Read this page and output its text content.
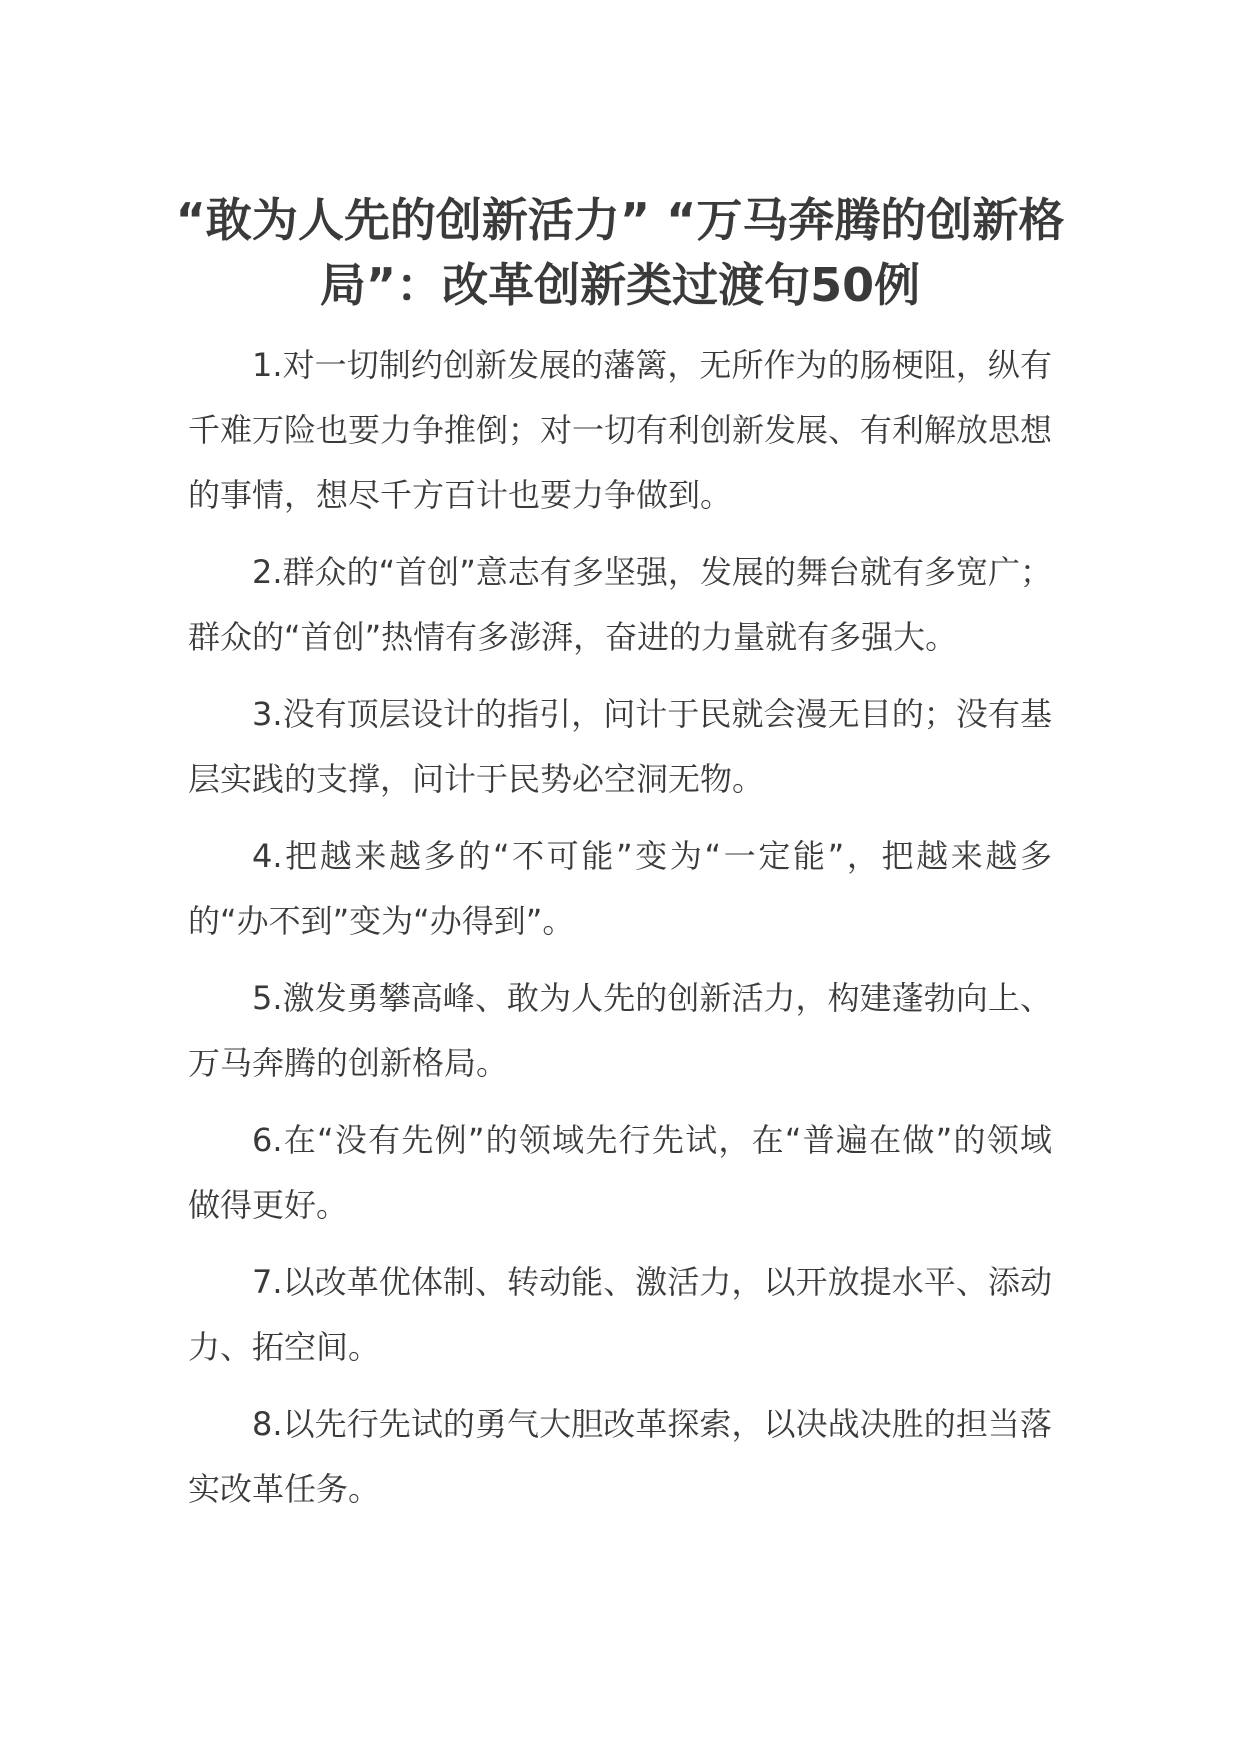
“敢为人先的创新活力” “万马奔腾的创新格局”：改革创新类过渡句50例

1.对一切制约创新发展的藩篱，无所作为的肠梗阻，纵有千难万险也要力争推倒；对一切有利创新发展、有利解放思想的事情，想尽千方百计也要力争做到。

2.群众的“首创”意志有多坚强，发展的舞台就有多宽广；群众的“首创”热情有多澎湃，奋进的力量就有多强大。

3.没有顶层设计的指引，问计于民就会漫无目的；没有基层实践的支撑，问计于民势必空洞无物。

4.把越来越多的“不可能”变为“一定能”，把越来越多的“办不到”变为“办得到”。

5.激发勇攀高峰、敢为人先的创新活力，构建蓬勃向上、万马奔腾的创新格局。

6.在“没有先例”的领域先行先试，在“普遍在做”的领域做得更好。

7.以改革优体制、转动能、激活力，以开放提水平、添动力、拓空间。

8.以先行先试的勇气大胆改革探索，以决战决胜的担当落实改革任务。
